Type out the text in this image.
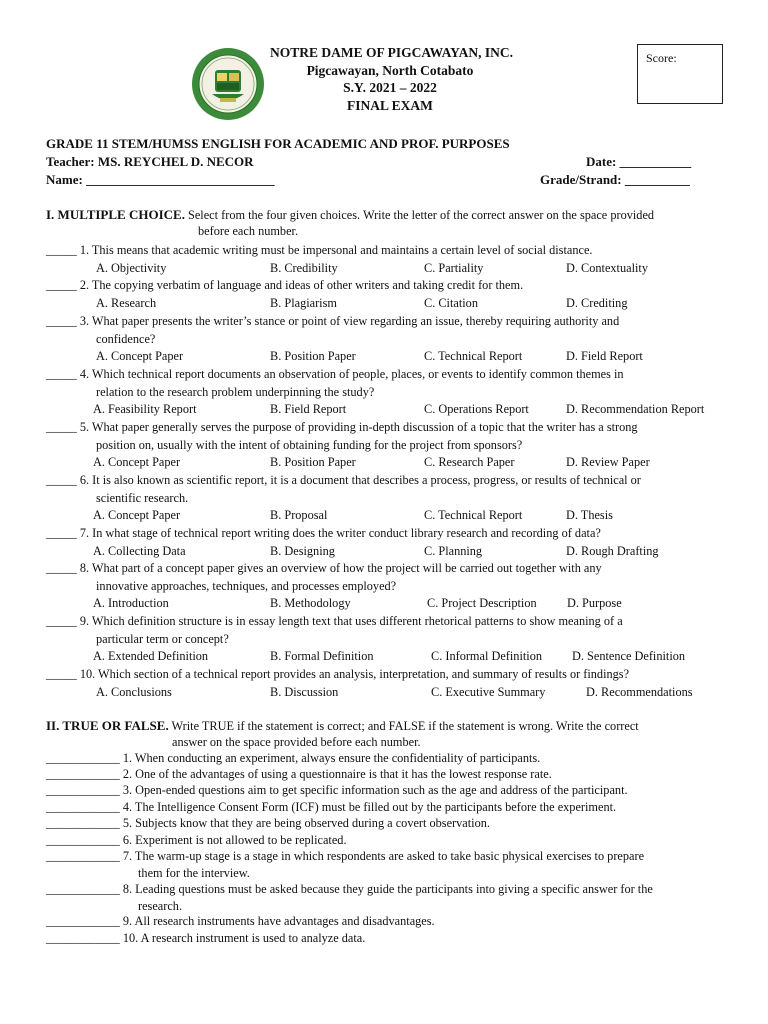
NOTRE DAME OF PIGCAWAYAN, INC.
Pigcawayan, North Cotabato
S.Y. 2021 – 2022
FINAL EXAM
Score:
GRADE 11 STEM/HUMSS ENGLISH FOR ACADEMIC AND PROF. PURPOSES
Teacher: MS. REYCHEL D. NECOR	Date: ___________
Name: _____________________________	Grade/Strand: __________
I. MULTIPLE CHOICE. Select from the four given choices. Write the letter of the correct answer on the space provided
before each number.
_____ 1. This means that academic writing must be impersonal and maintains a certain level of social distance.
A. Objectivity	B. Credibility	C. Partiality	D. Contextuality
_____ 2. The copying verbatim of language and ideas of other writers and taking credit for them.
A. Research	B. Plagiarism	C. Citation	D. Crediting
_____ 3. What paper presents the writer’s stance or point of view regarding an issue, thereby requiring authority and
confidence?
A. Concept Paper	B. Position Paper	C. Technical Report	D. Field Report
_____ 4. Which technical report documents an observation of people, places, or events to identify common themes in
relation to the research problem underpinning the study?
A. Feasibility Report	B. Field Report	C. Operations Report	D. Recommendation Report
_____ 5. What paper generally serves the purpose of providing in-depth discussion of a topic that the writer has a strong
position on, usually with the intent of obtaining funding for the project from sponsors?
A. Concept Paper	B. Position Paper	C. Research Paper	D. Review Paper
_____ 6. It is also known as scientific report, it is a document that describes a process, progress, or results of technical or
scientific research.
A. Concept Paper	B. Proposal	C. Technical Report	D. Thesis
_____ 7. In what stage of technical report writing does the writer conduct library research and recording of data?
A. Collecting Data	B. Designing	C. Planning	D. Rough Drafting
_____ 8. What part of a concept paper gives an overview of how the project will be carried out together with any
innovative approaches, techniques, and processes employed?
A. Introduction	B. Methodology	C. Project Description D. Purpose
_____ 9. Which definition structure is in essay length text that uses different rhetorical patterns to show meaning of a
particular term or concept?
A. Extended Definition	B. Formal Definition	C. Informal Definition D. Sentence Definition
_____ 10. Which section of a technical report provides an analysis, interpretation, and summary of results or findings?
A. Conclusions	B. Discussion	C. Executive Summary	D. Recommendations
II. TRUE OR FALSE. Write TRUE if the statement is correct; and FALSE if the statement is wrong. Write the correct
answer on the space provided before each number.
____________ 1. When conducting an experiment, always ensure the confidentiality of participants.
____________ 2. One of the advantages of using a questionnaire is that it has the lowest response rate.
____________ 3. Open-ended questions aim to get specific information such as the age and address of the participant.
____________ 4. The Intelligence Consent Form (ICF) must be filled out by the participants before the experiment.
____________ 5. Subjects know that they are being observed during a covert observation.
____________ 6. Experiment is not allowed to be replicated.
____________ 7. The warm-up stage is a stage in which respondents are asked to take basic physical exercises to prepare
them for the interview.
____________ 8. Leading questions must be asked because they guide the participants into giving a specific answer for the
research.
____________ 9. All research instruments have advantages and disadvantages.
____________ 10. A research instrument is used to analyze data.
